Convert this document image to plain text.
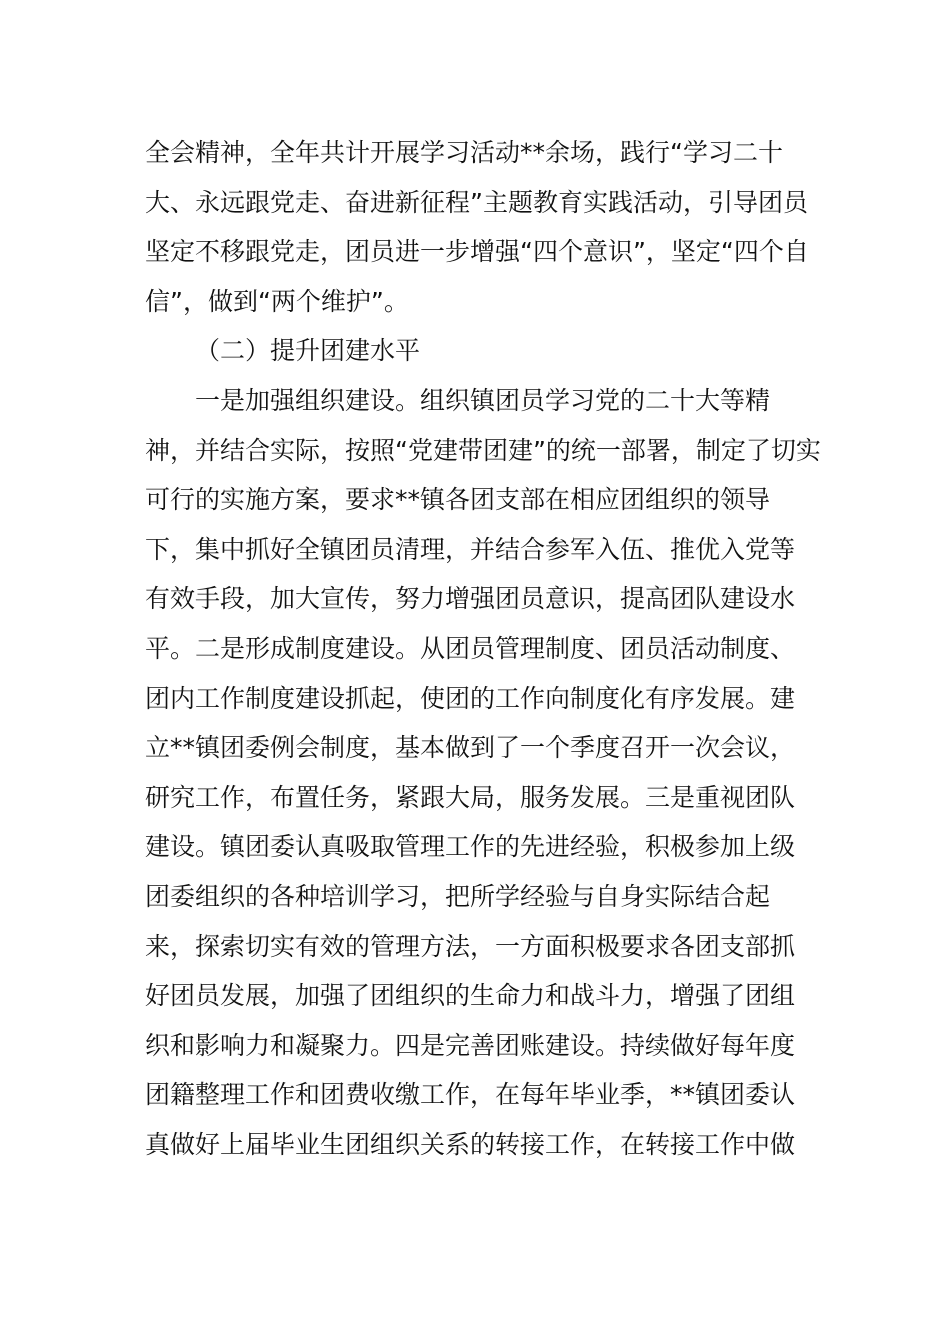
全会精神，全年共计开展学习活动**余场，践行“学习二十
大、永远跟党走、奋进新征程”主题教育实践活动，引导团员
坚定不移跟党走，团员进一步增强“四个意识”，坚定“四个自
信”，做到“两个维护”。
（二）提升团建水平
一是加强组织建设。组织镇团员学习党的二十大等精
神，并结合实际，按照“党建带团建”的统一部署，制定了切实
可行的实施方案，要求**镇各团支部在相应团组织的领导
下，集中抓好全镇团员清理，并结合参军入伍、推优入党等
有效手段，加大宣传，努力增强团员意识，提高团队建设水
平。二是形成制度建设。从团员管理制度、团员活动制度、
团内工作制度建设抓起，使团的工作向制度化有序发展。建
立**镇团委例会制度，基本做到了一个季度召开一次会议，
研究工作，布置任务，紧跟大局，服务发展。三是重视团队
建设。镇团委认真吸取管理工作的先进经验，积极参加上级
团委组织的各种培训学习，把所学经验与自身实际结合起
来，探索切实有效的管理方法，一方面积极要求各团支部抓
好团员发展，加强了团组织的生命力和战斗力，增强了团组
织和影响力和凝聚力。四是完善团账建设。持续做好每年度
团籍整理工作和团费收缴工作，在每年毕业季，**镇团委认
真做好上届毕业生团组织关系的转接工作，在转接工作中做
